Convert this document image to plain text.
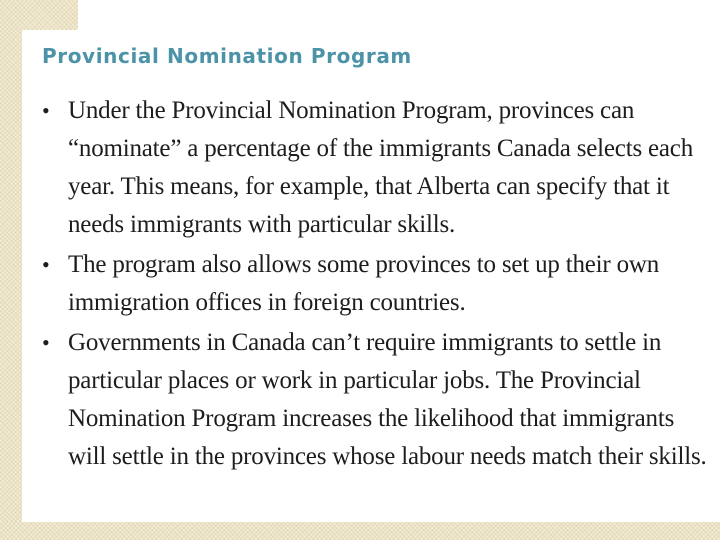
Provincial Nomination Program
• Under the Provincial Nomination Program, provinces can “nominate” a percentage of the immigrants Canada selects each year. This means, for example, that Alberta can specify that it needs immigrants with particular skills.
• The program also allows some provinces to set up their own immigration offices in foreign countries.
• Governments in Canada can’t require immigrants to settle in particular places or work in particular jobs. The Provincial Nomination Program increases the likelihood that immigrants will settle in the provinces whose labour needs match their skills.
